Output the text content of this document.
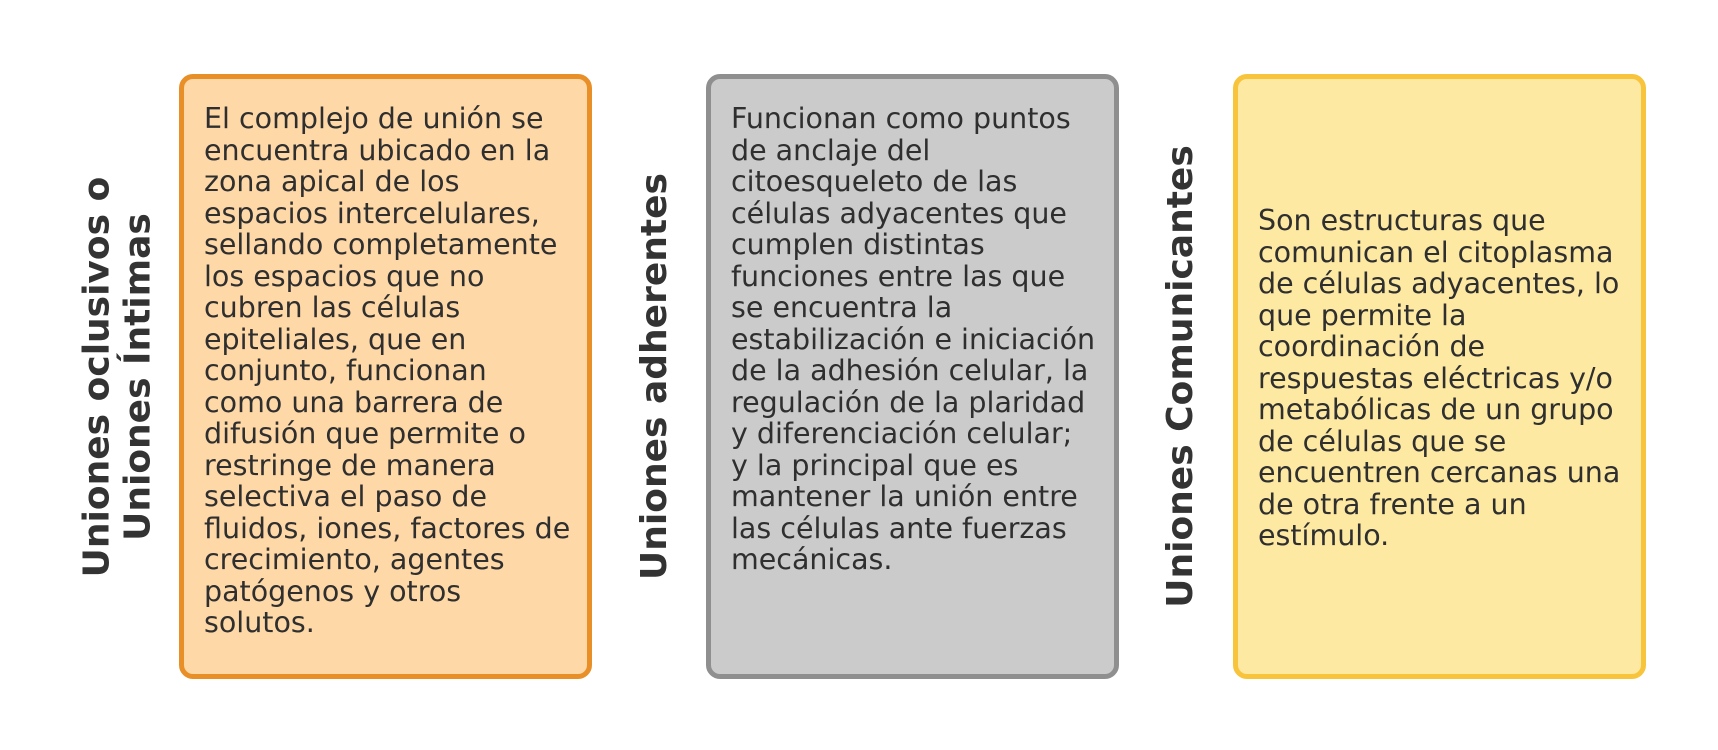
Uniones oclusivos o Uniones Íntimas
El complejo de unión se encuentra ubicado en la zona apical de los espacios intercelulares, sellando completamente los espacios que no cubren las células epiteliales, que en conjunto, funcionan como una barrera de difusión que permite o restringe de manera selectiva el paso de fluidos, iones, factores de crecimiento, agentes patógenos y otros solutos.
Uniones adherentes
Funcionan como puntos de anclaje del citoesqueleto de las células adyacentes que cumplen distintas funciones entre las que se encuentra la estabilización e iniciación de la adhesión celular, la regulación de la plaridad y diferenciación celular; y la principal que es mantener la unión entre las células ante fuerzas mecánicas.	Uniones Comunicantes Son estructuras que comunican el citoplasma de células adyacentes, lo que permite la coordinación de respuestas eléctricas y/o metabólicas de un grupo de células que se encuentren cercanas una de otra frente a un estímulo.
